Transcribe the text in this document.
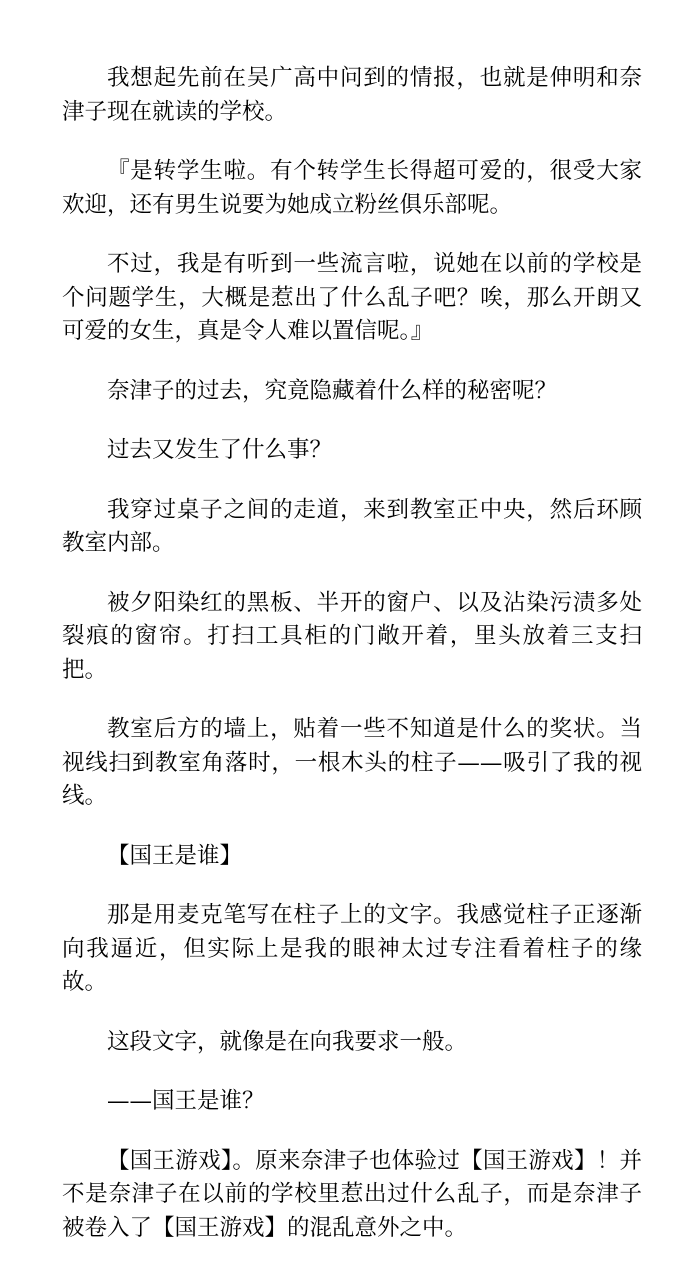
我想起先前在吴广高中问到的情报，也就是伸明和奈津子现在就读的学校。

『是转学生啦。有个转学生长得超可爱的，很受大家欢迎，还有男生说要为她成立粉丝俱乐部呢。

不过，我是有听到一些流言啦，说她在以前的学校是个问题学生，大概是惹出了什么乱子吧？唉，那么开朗又可爱的女生，真是令人难以置信呢。』

奈津子的过去，究竟隐藏着什么样的秘密呢？

过去又发生了什么事？

我穿过桌子之间的走道，来到教室正中央，然后环顾教室内部。

被夕阳染红的黑板、半开的窗户、以及沾染污渍多处裂痕的窗帘。打扫工具柜的门敞开着，里头放着三支扫把。

教室后方的墙上，贴着一些不知道是什么的奖状。当视线扫到教室角落时，一根木头的柱子——吸引了我的视线。

【国王是谁】

那是用麦克笔写在柱子上的文字。我感觉柱子正逐渐向我逼近，但实际上是我的眼神太过专注看着柱子的缘故。

这段文字，就像是在向我要求一般。

——国王是谁？

【国王游戏】。原来奈津子也体验过【国王游戏】！并不是奈津子在以前的学校里惹出过什么乱子，而是奈津子被卷入了【国王游戏】的混乱意外之中。
